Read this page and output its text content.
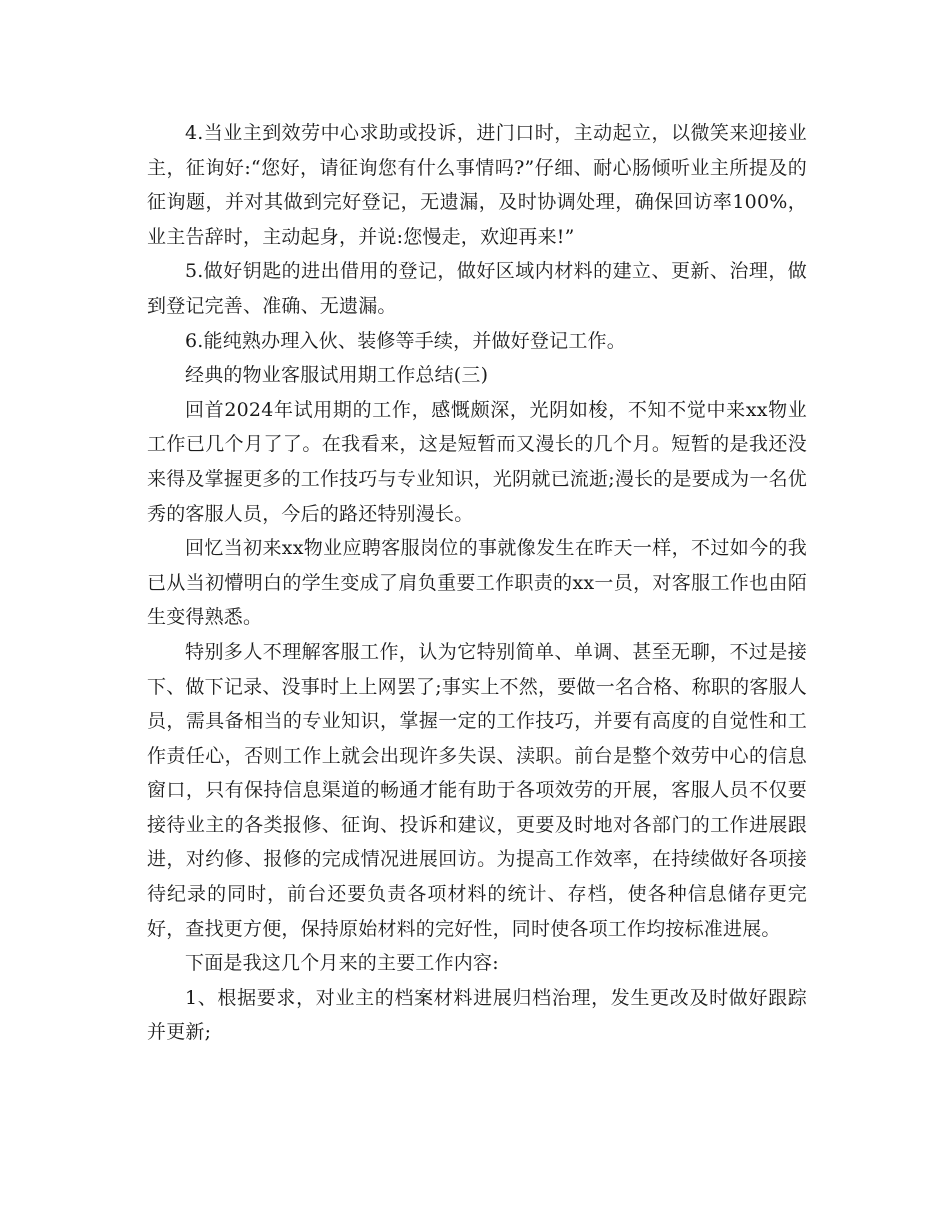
4.当业主到效劳中心求助或投诉，进门口时，主动起立，以微笑来迎接业主，征询好:“您好，请征询您有什么事情吗?”仔细、耐心肠倾听业主所提及的征询题，并对其做到完好登记，无遗漏，及时协调处理，确保回访率100%，业主告辞时，主动起身，并说:您慢走，欢迎再来!”

5.做好钥匙的进出借用的登记，做好区域内材料的建立、更新、治理，做到登记完善、准确、无遗漏。

6.能纯熟办理入伙、装修等手续，并做好登记工作。

经典的物业客服试用期工作总结(三)

回首2024年试用期的工作，感慨颇深，光阴如梭，不知不觉中来xx物业工作已几个月了了。在我看来，这是短暂而又漫长的几个月。短暂的是我还没来得及掌握更多的工作技巧与专业知识，光阴就已流逝;漫长的是要成为一名优秀的客服人员，今后的路还特别漫长。

回忆当初来xx物业应聘客服岗位的事就像发生在昨天一样，不过如今的我已从当初懵明白的学生变成了肩负重要工作职责的xx一员，对客服工作也由陌生变得熟悉。

特别多人不理解客服工作，认为它特别简单、单调、甚至无聊，不过是接下、做下记录、没事时上上网罢了;事实上不然，要做一名合格、称职的客服人员，需具备相当的专业知识，掌握一定的工作技巧，并要有高度的自觉性和工作责任心，否则工作上就会出现许多失误、渎职。前台是整个效劳中心的信息窗口，只有保持信息渠道的畅通才能有助于各项效劳的开展，客服人员不仅要接待业主的各类报修、征询、投诉和建议，更要及时地对各部门的工作进展跟进，对约修、报修的完成情况进展回访。为提高工作效率，在持续做好各项接待纪录的同时，前台还要负责各项材料的统计、存档，使各种信息储存更完好，查找更方便，保持原始材料的完好性，同时使各项工作均按标准进展。

下面是我这几个月来的主要工作内容:

1、根据要求，对业主的档案材料进展归档治理，发生更改及时做好跟踪并更新;
